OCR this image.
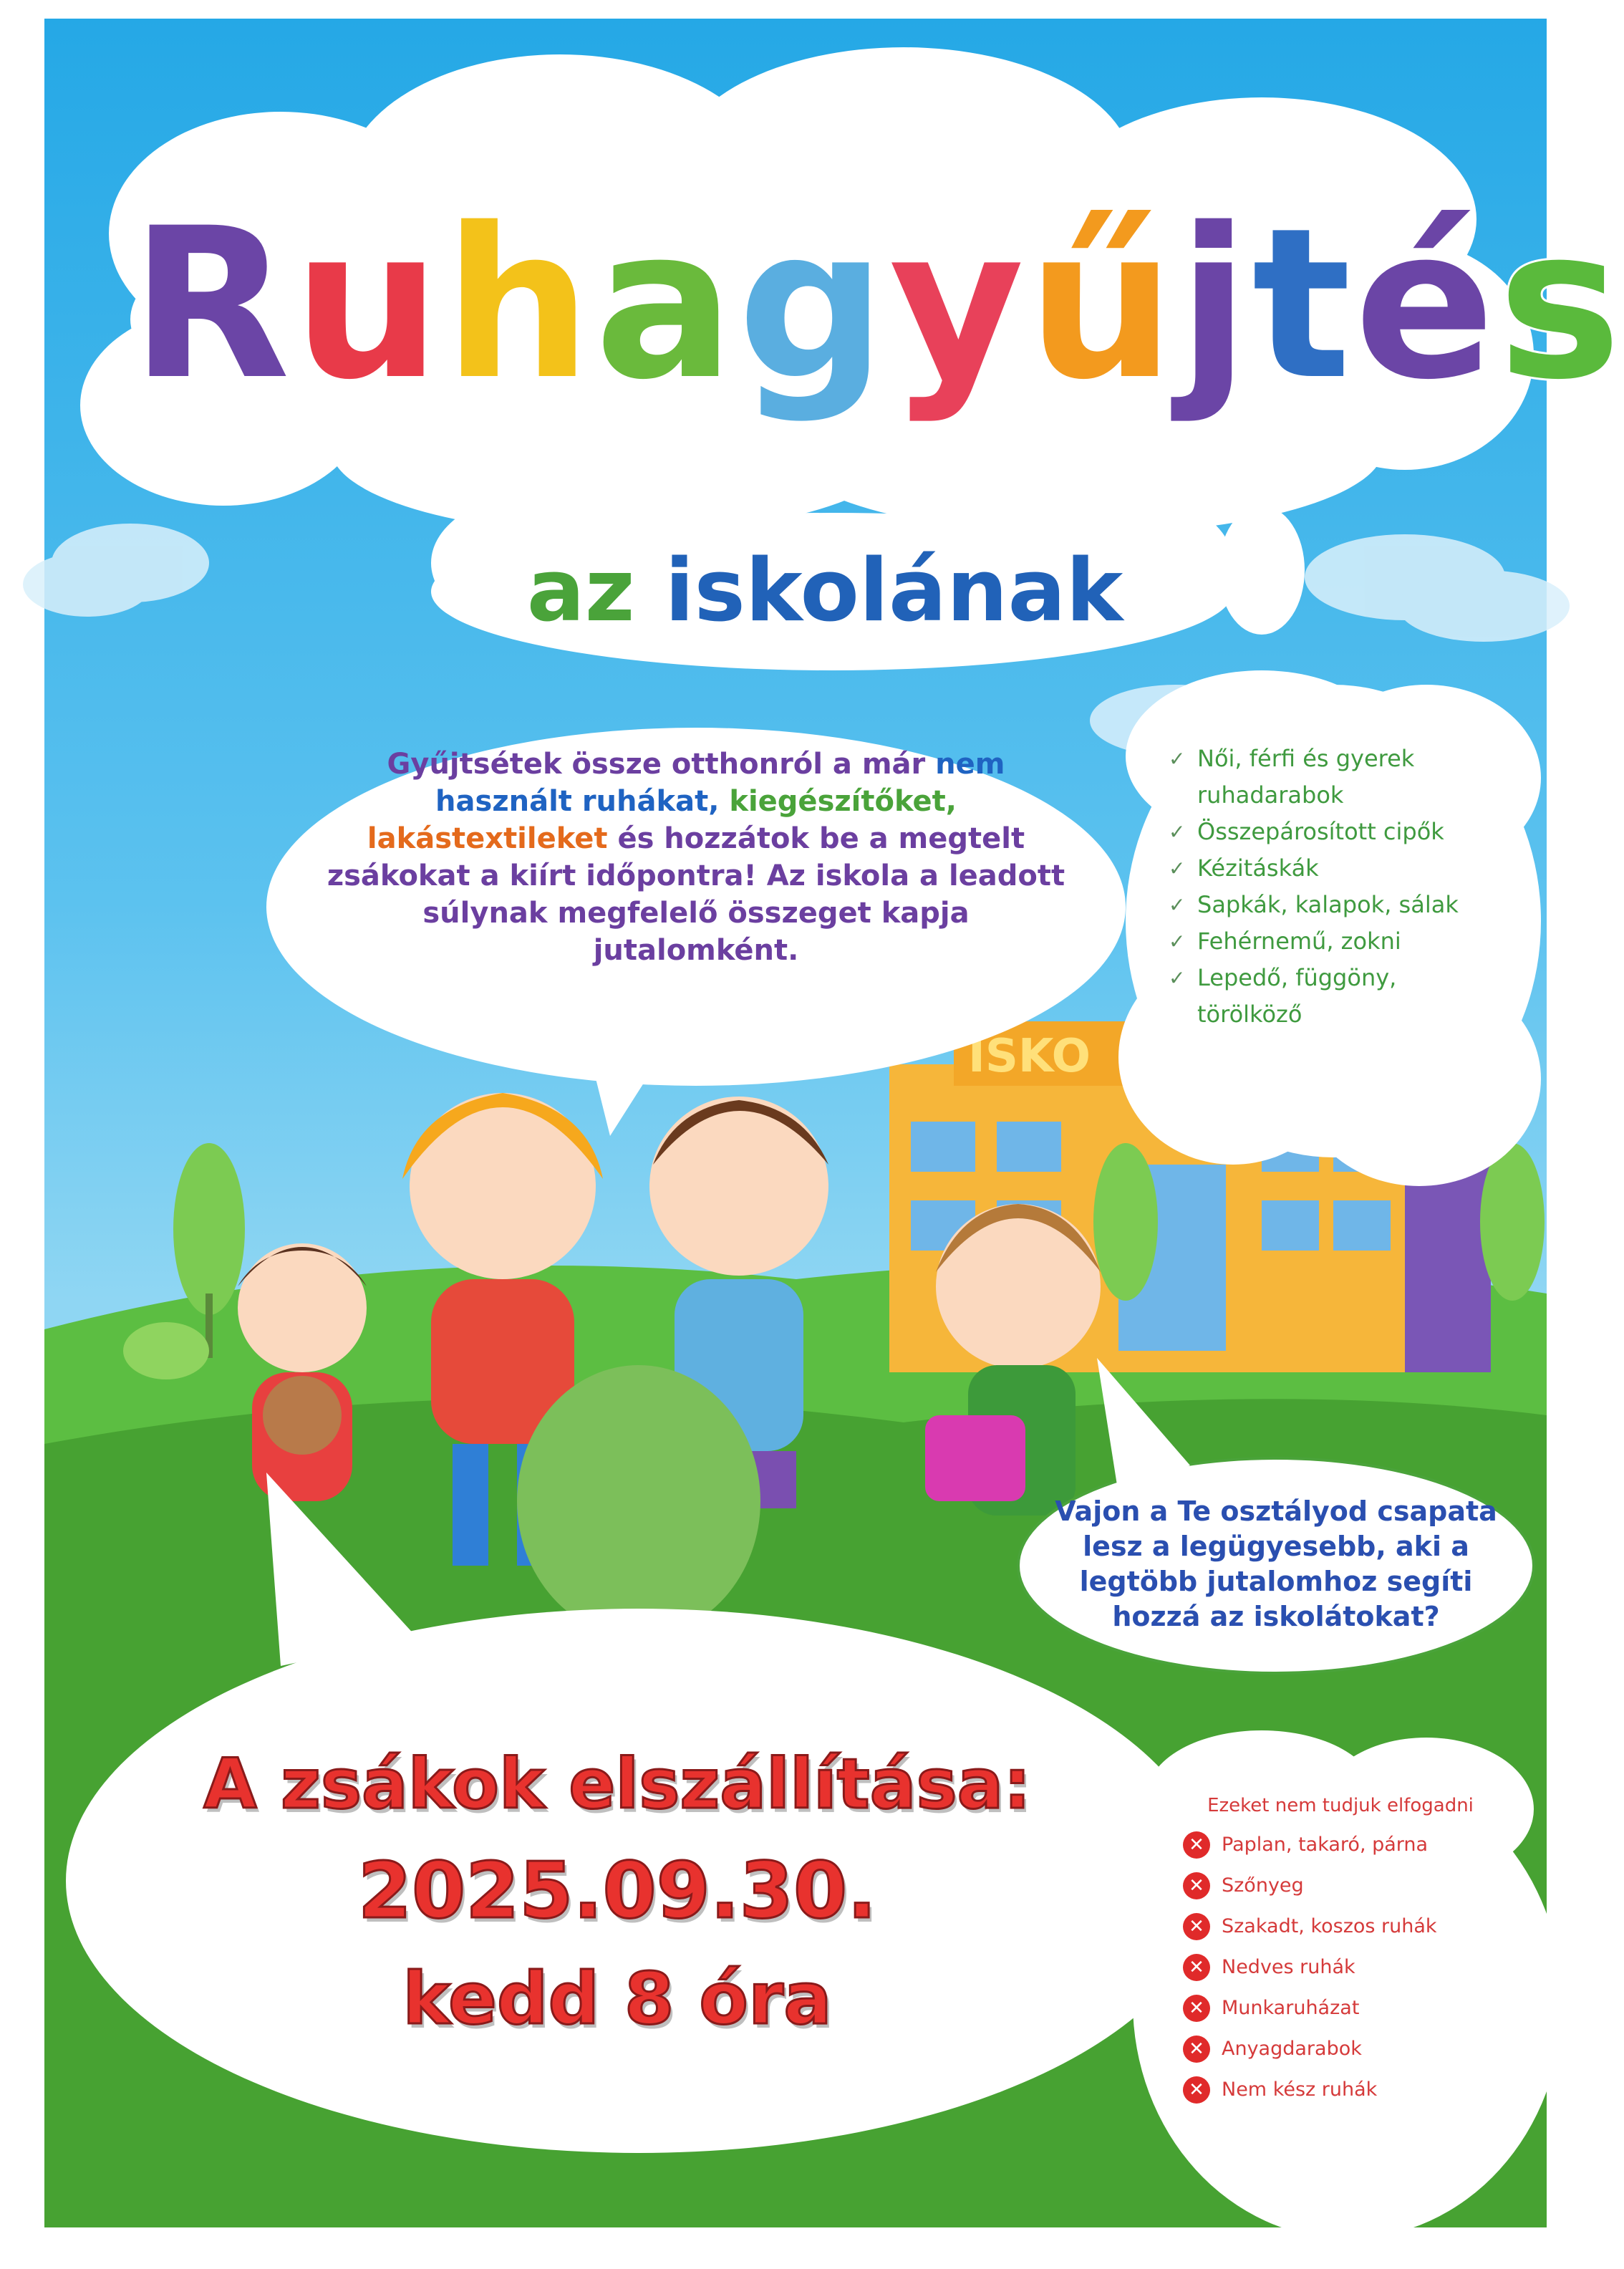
ISKO
Ruhagyűjtés
az iskolának
Gyűjtsétek össze otthonról a már nem használt ruhákat, kiegészítőket, lakástextileket és hozzátok be a megtelt zsákokat a kiírt időpontra! Az iskola a leadott súlynak megfelelő összeget kapja jutalomként.
✓ Női, férfi és gyerek ruhadarabok
✓ Összepárosított cipők
✓ Kézitáskák
✓ Sapkák, kalapok, sálak
✓ Fehérnemű, zokni
✓ Lepedő, függöny, törölköző
Vajon a Te osztályod csapata lesz a legügyesebb, aki a legtöbb jutalomhoz segíti hozzá az iskolátokat?
A zsákok elszállítása:
2025.09.30.
kedd 8 óra
Ezeket nem tudjuk elfogadni
✕ Paplan, takaró, párna
✕ Szőnyeg
✕ Szakadt, koszos ruhák
✕ Nedves ruhák
✕ Munkaruházat
✕ Anyagdarabok
✕ Nem kész ruhák
